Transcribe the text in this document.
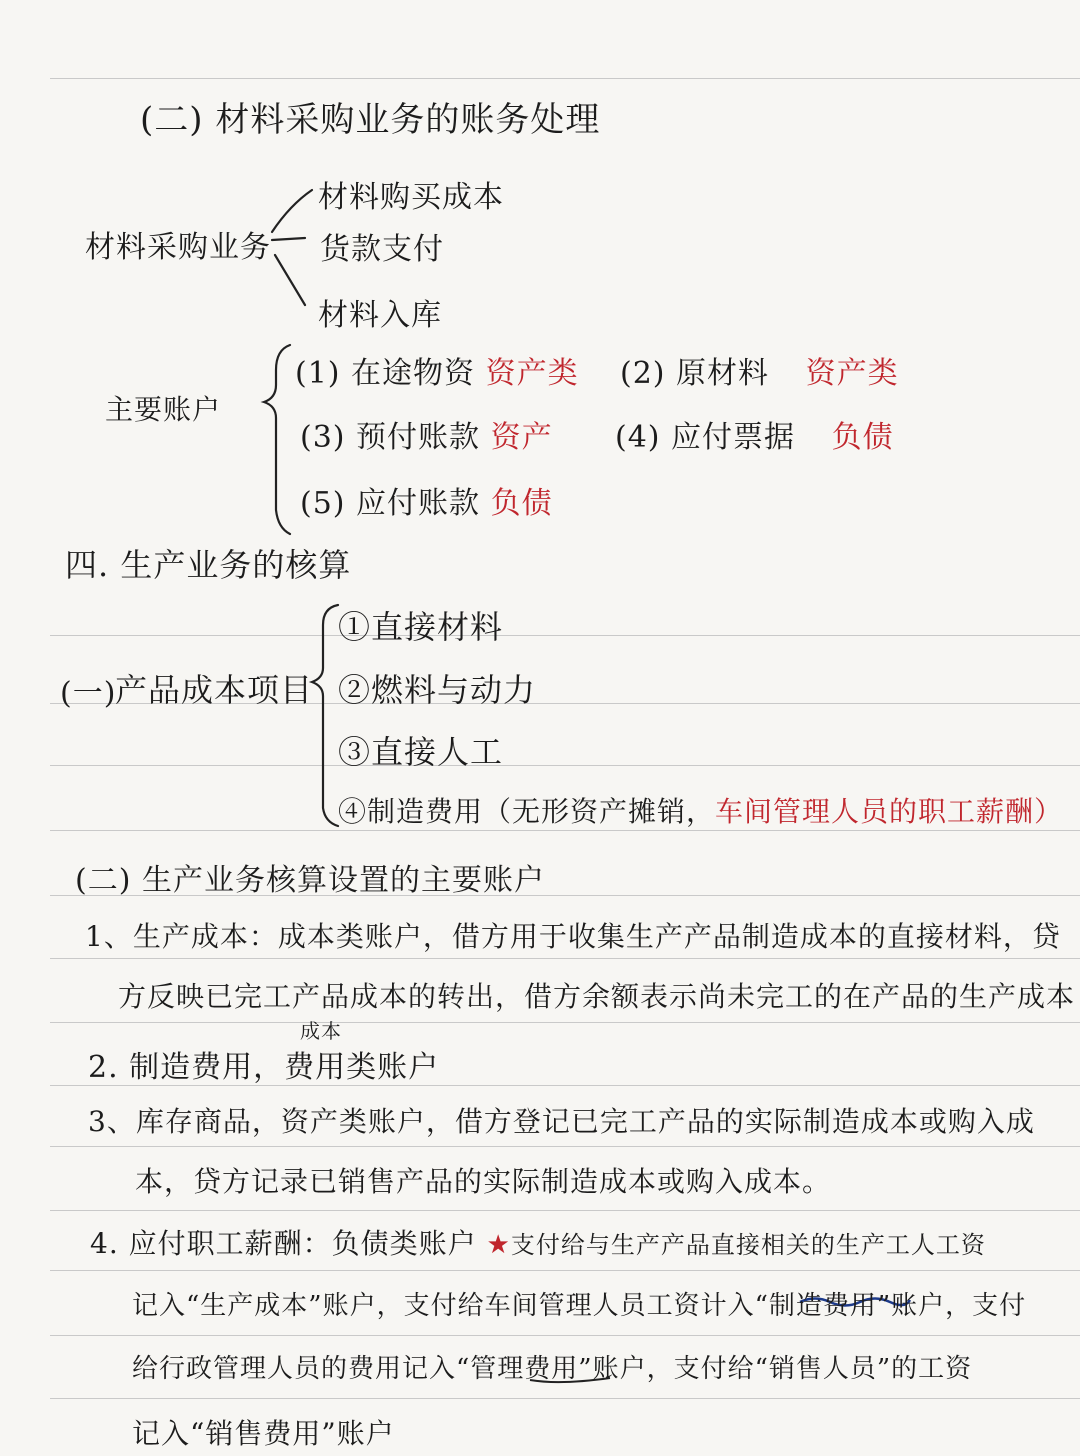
(二) 材料采购业务的账务处理
材料采购业务
材料购买成本
货款支付
材料入库
主要账户
(1) 在途物资 资产类 (2) 原材料 资产类
(3) 预付账款 资产 (4) 应付票据 负债
(5) 应付账款 负债
四. 生产业务的核算
(一)
产品成本项目
①直接材料
②燃料与动力
③直接人工
④制造费用（无形资产摊销，车间管理人员的职工薪酬）
(二) 生产业务核算设置的主要账户
1、生产成本：成本类账户，借方用于收集生产产品制造成本的直接材料，贷
方反映已完工产品成本的转出，借方余额表示尚未完工的在产品的生产成本
成本
2. 制造费用，费用类账户
3、库存商品，资产类账户，借方登记已完工产品的实际制造成本或购入成
本，贷方记录已销售产品的实际制造成本或购入成本。
4. 应付职工薪酬：负债类账户 ★支付给与生产产品直接相关的生产工人工资
记入“生产成本”账户，支付给车间管理人员工资计入“制造费用”账户，支付
给行政管理人员的费用记入“管理费用”账户，支付给“销售人员”的工资
记入“销售费用”账户
